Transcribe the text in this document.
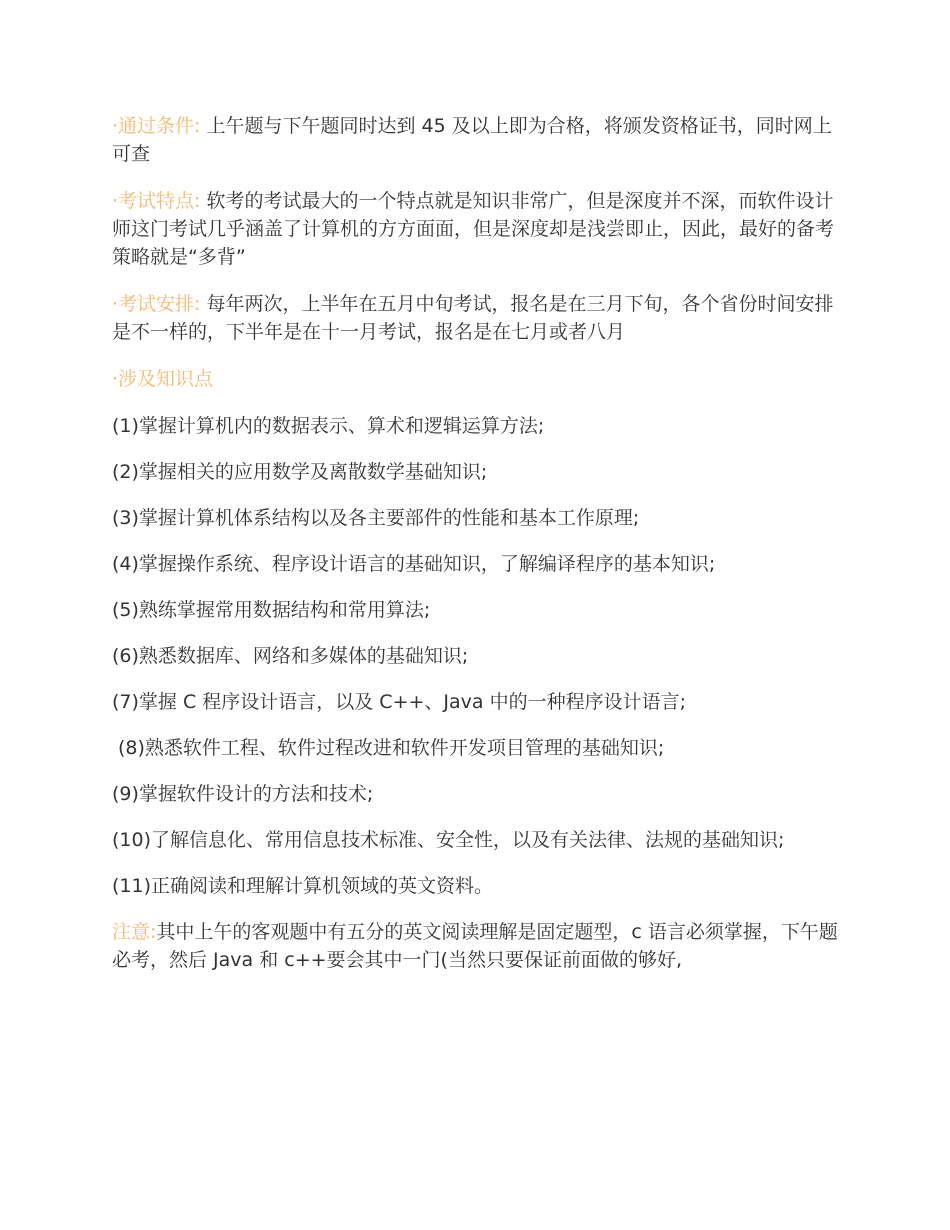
·通过条件: 上午题与下午题同时达到 45 及以上即为合格，将颁发资格证书，同时网上可查

·考试特点: 软考的考试最大的一个特点就是知识非常广，但是深度并不深，而软件设计师这门考试几乎涵盖了计算机的方方面面，但是深度却是浅尝即止，因此，最好的备考策略就是“多背”

·考试安排: 每年两次，上半年在五月中旬考试，报名是在三月下旬，各个省份时间安排是不一样的，下半年是在十一月考试，报名是在七月或者八月

·涉及知识点

(1)掌握计算机内的数据表示、算术和逻辑运算方法;

(2)掌握相关的应用数学及离散数学基础知识;

(3)掌握计算机体系结构以及各主要部件的性能和基本工作原理;

(4)掌握操作系统、程序设计语言的基础知识，了解编译程序的基本知识;

(5)熟练掌握常用数据结构和常用算法;

(6)熟悉数据库、网络和多媒体的基础知识;

(7)掌握 C 程序设计语言，以及 C++、Java 中的一种程序设计语言;

(8)熟悉软件工程、软件过程改进和软件开发项目管理的基础知识;

(9)掌握软件设计的方法和技术;

(10)了解信息化、常用信息技术标准、安全性，以及有关法律、法规的基础知识;

(11)正确阅读和理解计算机领域的英文资料。

注意:其中上午的客观题中有五分的英文阅读理解是固定题型，c 语言必须掌握，下午题必考，然后 Java 和 c++要会其中一门(当然只要保证前面做的够好,
